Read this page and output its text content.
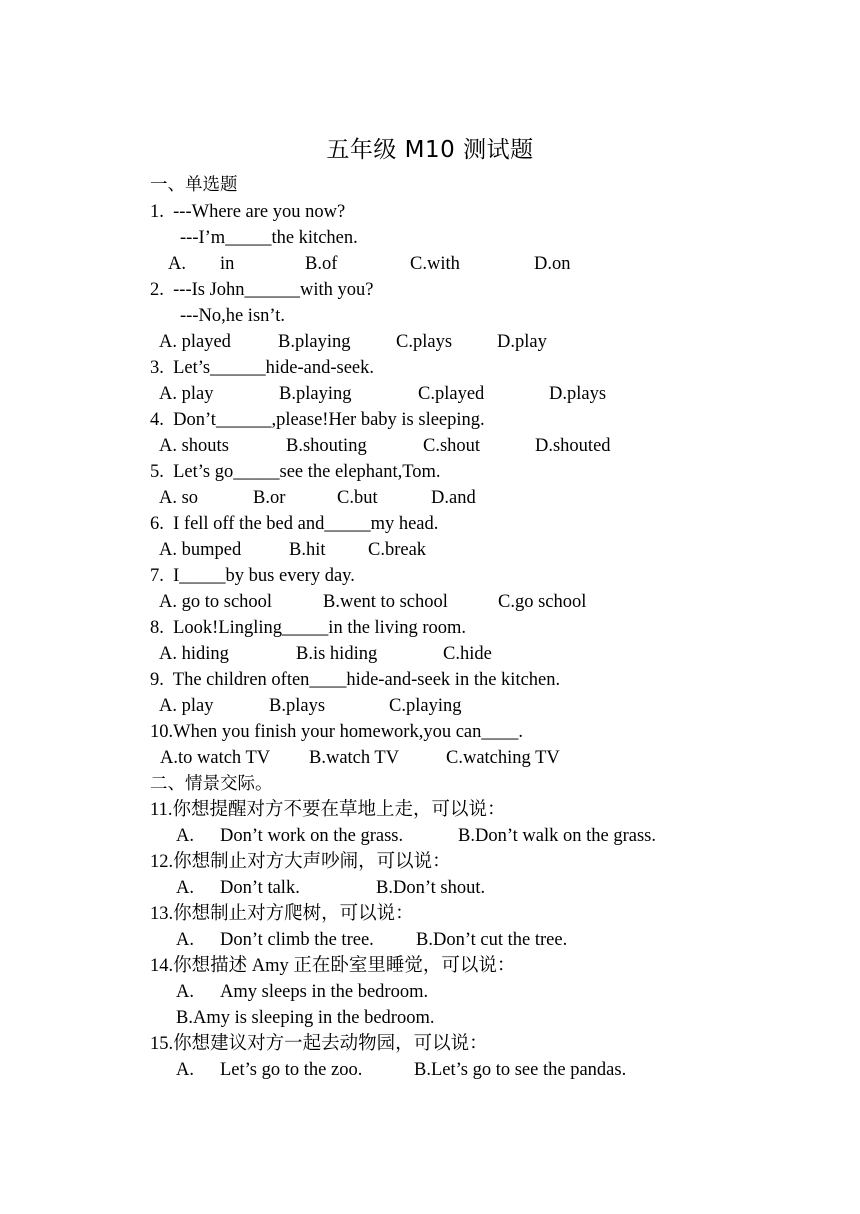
五年级 M10 测试题
一、单选题
1.  ---Where are you now?
---I’m_____the kitchen.
A. in	B.of	C.with	D.on
2.  ---Is John______with you?
---No,he isn’t.
A. played	B.playing C.plays D.play
3.  Let’s______hide-and-seek.
A. play	B.playing	C.played	D.plays
4.  Don’t______,please!Her baby is sleeping.
A. shouts	B.shouting	C.shout	D.shouted
5.  Let’s go_____see the elephant,Tom.
A. so	B.or	C.but	D.and
6.  I fell off the bed and_____my head.
A. bumped	B.hit C.break
7.  I_____by bus every day.
A. go to school	B.went to school	C.go school
8.  Look!Lingling_____in the living room.
A. hiding	B.is hiding	C.hide
9.  The children often____hide-and-seek in the kitchen.
A. play	B.plays	C.playing
10.When you finish your homework,you can____.
A.to watch TV B.watch TV	C.watching TV
二、情景交际。
11.你想提醒对方不要在草地上走，可以说：
A. Don’t work on the grass.	B.Don’t walk on the grass.
12.你想制止对方大声吵闹，可以说：
A. Don’t talk.	B.Don’t shout.
13.你想制止对方爬树，可以说：
A. Don’t climb the tree. B.Don’t cut the tree.
14.你想描述 Amy 正在卧室里睡觉，可以说：
A. Amy sleeps in the bedroom.
B.Amy is sleeping in the bedroom.
15.你想建议对方一起去动物园，可以说：
A. Let’s go to the zoo.	B.Let’s go to see the pandas.
